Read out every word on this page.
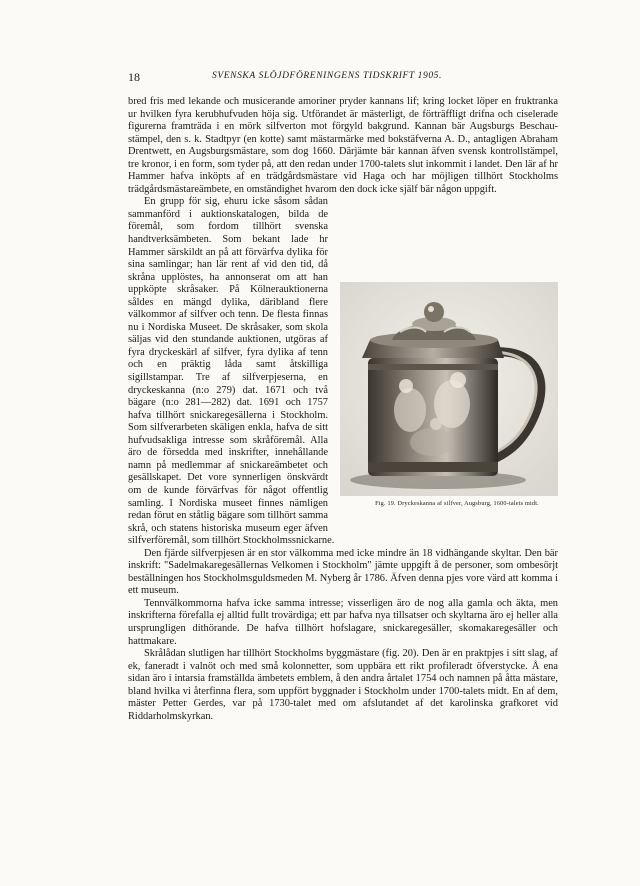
18	SVENSKA SLÖJDFÖRENINGENS TIDSKRIFT 1905.

bred fris med lekande och musicerande amoriner pryder kannans lif; kring locket löper en fruktranka ur hvilken fyra kerubhufvuden höja sig. Utförandet är mästerligt, de förträffligt drifna och ciselerade figurerna framträda i en mörk silfverton mot förgyld bakgrund. Kannan bär Augsburgs Beschau-stämpel, den s. k. Stadtpyr (en kotte) samt mästarmärke med bokstäfverna A. D., antagligen Abraham Drentwett, en Augsburgsmästare, som dog 1660. Därjämte bär kannan äfven svensk kontrollstämpel, tre kronor, i en form, som tyder på, att den redan under 1700-talets slut inkommit i landet. Den lär af hr Hammer hafva inköpts af en trädgårdsmästare vid Haga och har möjligen tillhört Stockholms trädgårdsmästareämbete, en omständighet hvarom den dock icke själf bär någon uppgift.

Fig. 19. Dryckeskanna af silfver, Augsburg, 1600-talets midt.
En grupp för sig, ehuru icke såsom sådan sammanförd i auktionskatalogen, bilda de föremål, som fordom tillhört svenska handtverksämbeten. Som bekant lade hr Hammer särskildt an på att förvärfva dylika för sina samlingar; han lär rent af vid den tid, då skråna upplöstes, ha annonserat om att han uppköpte skråsaker. På Kölnerauktionerna såldes en mängd dylika, däribland flere välkommor af silfver och tenn. De flesta finnas nu i Nordiska Museet. De skråsaker, som skola säljas vid den stundande auktionen, utgöras af fyra dryckeskärl af silfver, fyra dylika af tenn och en präktig låda samt åtskilliga sigillstampar. Tre af silfverpjeserna, en dryckeskanna (n:o 279) dat. 1671 och två bägare (n:o 281—282) dat. 1691 och 1757 hafva tillhört snickaregesällerna i Stockholm. Som silfverarbeten skäligen enkla, hafva de sitt hufvudsakliga intresse som skråföremål. Alla äro de försedda med inskrifter, innehållande namn på medlemmar af snickareämbetet och gesällskapet. Det vore synnerligen önskvärdt om de kunde förvärfvas för något offentlig samling. I Nordiska museet finnes nämligen redan förut en ståtlig bägare som tillhört samma skrå, och statens historiska museum eger äfven silfverföremål, som tillhört Stockholmssnickarne.

Den fjärde silfverpjesen är en stor välkomma med icke mindre än 18 vidhängande skyltar. Den bär inskrift: "Sadelmakaregesällernas Velkomen i Stockholm" jämte uppgift å de personer, som ombesörjt beställningen hos Stockholmsguldsmeden M. Nyberg år 1786. Äfven denna pjes vore värd att komma i ett museum.

Tennvälkommorna hafva icke samma intresse; visserligen äro de nog alla gamla och äkta, men inskrifterna förefalla ej alltid fullt trovärdiga; ett par hafva nya tillsatser och skyltarna äro ej heller alla ursprungligen dithörande. De hafva tillhört hofslagare, snickaregesäller, skomakaregesäller och hattmakare.

Skrålådan slutligen har tillhört Stockholms byggmästare (fig. 20). Den är en praktpjes i sitt slag, af ek, faneradt i valnöt och med små kolonnetter, som uppbära ett rikt profileradt öfverstycke. Å ena sidan äro i intarsia framställda ämbetets emblem, å den andra årtalet 1754 och namnen på åtta mästare, bland hvilka vi återfinna flera, som uppfört byggnader i Stockholm under 1700-talets midt. En af dem, mäster Petter Gerdes, var på 1730-talet med om afslutandet af det karolinska grafkoret vid Riddarholmskyrkan.
